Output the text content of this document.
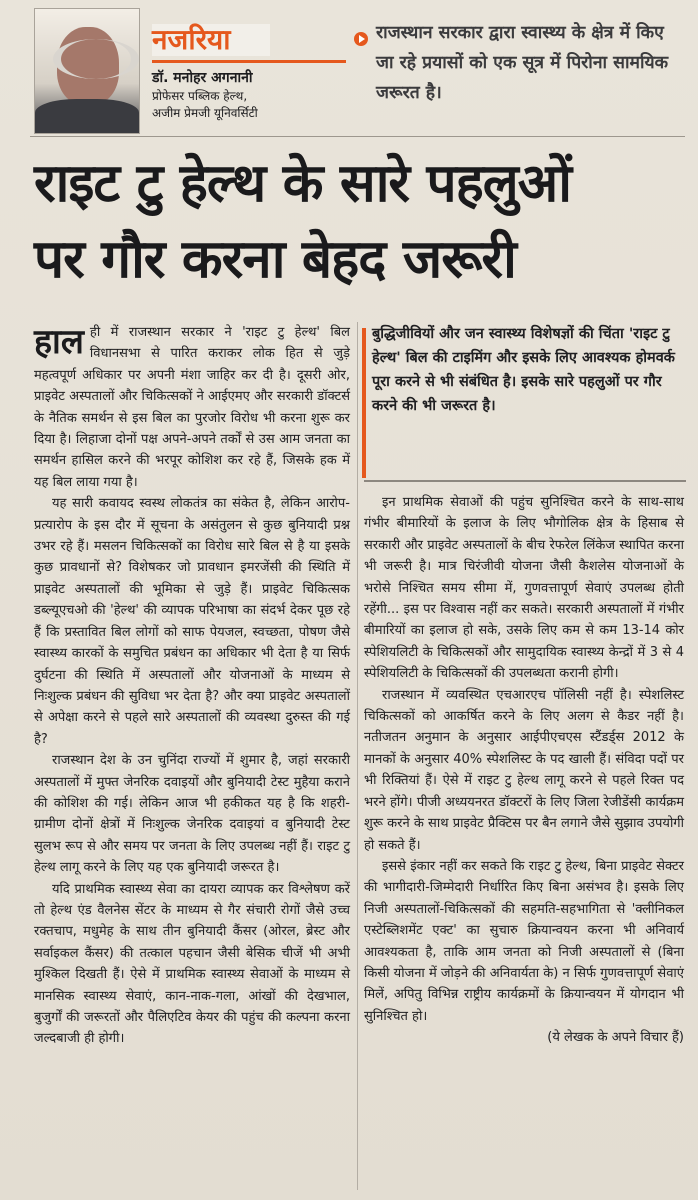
नजरिया
डॉ. मनोहर अगनानी
प्रोफेसर पब्लिक हेल्थ,
अजीम प्रेमजी यूनिवर्सिटी

राजस्थान सरकार द्वारा स्वास्थ्य के क्षेत्र में किए जा रहे प्रयासों को एक सूत्र में पिरोना सामयिक जरूरत है।

राइट टु हेल्थ के सारे पहलुओं
पर गौर करना बेहद जरूरी

हाल ही में राजस्थान सरकार ने 'राइट टु हेल्थ' बिल विधानसभा से पारित कराकर लोक हित से जुड़े महत्वपूर्ण अधिकार पर अपनी मंशा जाहिर कर दी है। दूसरी ओर, प्राइवेट अस्पतालों और चिकित्सकों ने आईएमए और सरकारी डॉक्टर्स के नैतिक समर्थन से इस बिल का पुरजोर विरोध भी करना शुरू कर दिया है। लिहाजा दोनों पक्ष अपने-अपने तर्कों से उस आम जनता का समर्थन हासिल करने की भरपूर कोशिश कर रहे हैं, जिसके हक में यह बिल लाया गया है।

यह सारी कवायद स्वस्थ लोकतंत्र का संकेत है, लेकिन आरोप-प्रत्यारोप के इस दौर में सूचना के असंतुलन से कुछ बुनियादी प्रश्न उभर रहे हैं। मसलन चिकित्सकों का विरोध सारे बिल से है या इसके कुछ प्रावधानों से? विशेषकर जो प्रावधान इमरजेंसी की स्थिति में प्राइवेट अस्पतालों की भूमिका से जुड़े हैं। प्राइवेट चिकित्सक डब्ल्यूएचओ की 'हेल्थ' की व्यापक परिभाषा का संदर्भ देकर पूछ रहे हैं कि प्रस्तावित बिल लोगों को साफ पेयजल, स्वच्छता, पोषण जैसे स्वास्थ्य कारकों के समुचित प्रबंधन का अधिकार भी देता है या सिर्फ दुर्घटना की स्थिति में अस्पतालों और योजनाओं के माध्यम से निःशुल्क प्रबंधन की सुविधा भर देता है? और क्या प्राइवेट अस्पतालों से अपेक्षा करने से पहले सारे अस्पतालों की व्यवस्था दुरुस्त की गई है?

राजस्थान देश के उन चुनिंदा राज्यों में शुमार है, जहां सरकारी अस्पतालों में मुफ्त जेनरिक दवाइयों और बुनियादी टेस्ट मुहैया कराने की कोशिश की गई। लेकिन आज भी हकीकत यह है कि शहरी-ग्रामीण दोनों क्षेत्रों में निःशुल्क जेनरिक दवाइयां व बुनियादी टेस्ट सुलभ रूप से और समय पर जनता के लिए उपलब्ध नहीं हैं। राइट टु हेल्थ लागू करने के लिए यह एक बुनियादी जरूरत है।

यदि प्राथमिक स्वास्थ्य सेवा का दायरा व्यापक कर विश्लेषण करें तो हेल्थ एंड वैलनेस सेंटर के माध्यम से गैर संचारी रोगों जैसे उच्च रक्तचाप, मधुमेह के साथ तीन बुनियादी कैंसर (ओरल, ब्रेस्ट और सर्वाइकल कैंसर) की तत्काल पहचान जैसी बेसिक चीजें भी अभी मुश्किल दिखती हैं। ऐसे में प्राथमिक स्वास्थ्य सेवाओं के माध्यम से मानसिक स्वास्थ्य सेवाएं, कान-नाक-गला, आंखों की देखभाल, बुजुर्गों की जरूरतों और पैलिएटिव केयर की पहुंच की कल्पना करना जल्दबाजी ही होगी।

बुद्धिजीवियों और जन स्वास्थ्य विशेषज्ञों की चिंता 'राइट टु हेल्थ' बिल की टाइमिंग और इसके लिए आवश्यक होमवर्क पूरा करने से भी संबंधित है। इसके सारे पहलुओं पर गौर करने की भी जरूरत है।

इन प्राथमिक सेवाओं की पहुंच सुनिश्चित करने के साथ-साथ गंभीर बीमारियों के इलाज के लिए भौगोलिक क्षेत्र के हिसाब से सरकारी और प्राइवेट अस्पतालों के बीच रेफरेल लिंकेज स्थापित करना भी जरूरी है। मात्र चिरंजीवी योजना जैसी कैशलेस योजनाओं के भरोसे निश्चित समय सीमा में, गुणवत्तापूर्ण सेवाएं उपलब्ध होती रहेंगी... इस पर विश्वास नहीं कर सकते। सरकारी अस्पतालों में गंभीर बीमारियों का इलाज हो सके, उसके लिए कम से कम 13-14 कोर स्पेशियलिटी के चिकित्सकों और सामुदायिक स्वास्थ्य केन्द्रों में 3 से 4 स्पेशियलिटी के चिकित्सकों की उपलब्धता करानी होगी।

राजस्थान में व्यवस्थित एचआरएच पॉलिसी नहीं है। स्पेशलिस्ट चिकित्सकों को आकर्षित करने के लिए अलग से कैडर नहीं है। नतीजतन अनुमान के अनुसार आईपीएचएस स्टैंडर्ड्स 2012 के मानकों के अनुसार 40% स्पेशलिस्ट के पद खाली हैं। संविदा पदों पर भी रिक्तियां हैं। ऐसे में राइट टु हेल्थ लागू करने से पहले रिक्त पद भरने होंगे। पीजी अध्ययनरत डॉक्टरों के लिए जिला रेजीडेंसी कार्यक्रम शुरू करने के साथ प्राइवेट प्रैक्टिस पर बैन लगाने जैसे सुझाव उपयोगी हो सकते हैं।

इससे इंकार नहीं कर सकते कि राइट टु हेल्थ, बिना प्राइवेट सेक्टर की भागीदारी-जिम्मेदारी निर्धारित किए बिना असंभव है। इसके लिए निजी अस्पतालों-चिकित्सकों की सहमति-सहभागिता से 'क्लीनिकल एस्टेब्लिशमेंट एक्ट' का सुचारु क्रियान्वयन करना भी अनिवार्य आवश्यकता है, ताकि आम जनता को निजी अस्पतालों से (बिना किसी योजना में जोड़ने की अनिवार्यता के) न सिर्फ गुणवत्तापूर्ण सेवाएं मिलें, अपितु विभिन्न राष्ट्रीय कार्यक्रमों के क्रियान्वयन में योगदान भी सुनिश्चित हो।

(ये लेखक के अपने विचार हैं)
